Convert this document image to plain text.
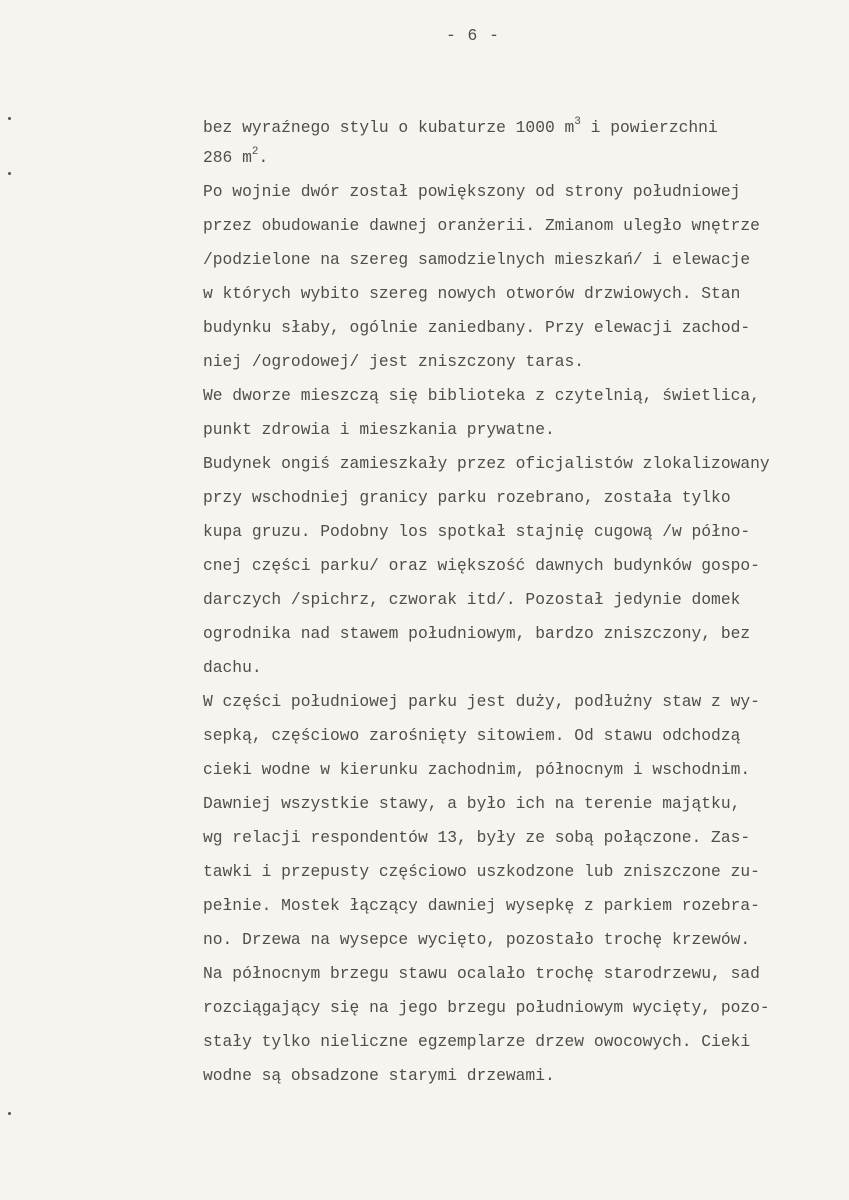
- 6 -
bez wyraźnego stylu o kubaturze 1000 $m^3$ i powierzchni
286 $m^2$.
Po wojnie dwór został powiększony od strony południowej
przez obudowanie dawnej oranżerii. Zmianom uległo wnętrze
/podzielone na szereg samodzielnych mieszkań/ i elewacje
w których wybito szereg nowych otworów drzwiowych. Stan
budynku słaby, ogólnie zaniedbany. Przy elewacji zachod-
niej /ogrodowej/ jest zniszczony taras.
We dworze mieszczą się biblioteka z czytelnią, świetlica,
punkt zdrowia i mieszkania prywatne.
Budynek ongiś zamieszkały przez oficjalistów zlokalizowany
przy wschodniej granicy parku rozebrano, została tylko
kupa gruzu. Podobny los spotkał stajnię cugową /w półno-
cnej części parku/ oraz większość dawnych budynków gospo-
darczych /spichrz, czworak itd/. Pozostał jedynie domek
ogrodnika nad stawem południowym, bardzo zniszczony, bez
dachu.
W części południowej parku jest duży, podłużny staw z wy-
sepką, częściowo zarośnięty sitowiem. Od stawu odchodzą
cieki wodne w kierunku zachodnim, północnym i wschodnim.
Dawniej wszystkie stawy, a było ich na terenie majątku,
wg relacji respondentów 13, były ze sobą połączone. Zas-
tawki i przepusty częściowo uszkodzone lub zniszczone zu-
pełnie. Mostek łączący dawniej wysepkę z parkiem rozebra-
no. Drzewa na wysepce wycięto, pozostało trochę krzewów.
Na północnym brzegu stawu ocalało trochę starodrzewu, sad
rozciągający się na jego brzegu południowym wycięty, pozo-
stały tylko nieliczne egzemplarze drzew owocowych. Cieki
wodne są obsadzone starymi drzewami.
